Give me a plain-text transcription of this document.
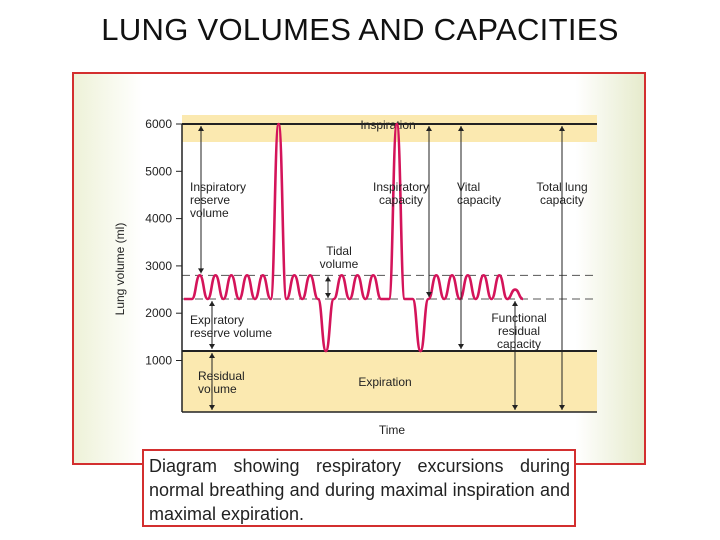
LUNG VOLUMES AND CAPACITIES
6000
5000
4000
3000
2000
1000
Lung volume (ml)
Time
Inspiration
Expiration
Inspiratory
reserve
volume
Tidal
volume
Inspiratory
capacity
Vital
capacity
Total lung
capacity
Expiratory
reserve volume
Functional
residual
capacity
Residual
volume
Diagram showing respiratory excursions during normal breathing and during maximal inspiration and maximal expiration.
